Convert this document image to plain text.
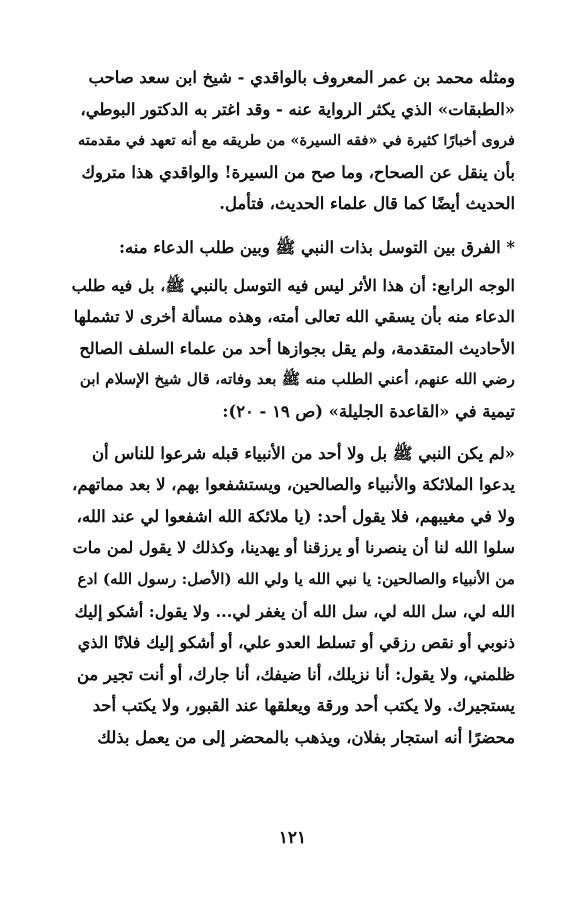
ومثله محمد بن عمر المعروف بالواقدي - شيخ ابن سعد صاحب
«الطبقات» الذي يكثر الرواية عنه - وقد اغتر به الدكتور البوطي،
فروى أخبارًا كثيرة في «فقه السيرة» من طريقه مع أنه تعهد في مقدمته
بأن ينقل عن الصحاح، وما صح من السيرة! والواقدي هذا متروك
الحديث أيضًا كما قال علماء الحديث، فتأمل.
* الفرق بين التوسل بذات النبي ﷺ وبين طلب الدعاء منه:
الوجه الرابع: أن هذا الأثر ليس فيه التوسل بالنبي ﷺ، بل فيه طلب
الدعاء منه بأن يسقي الله تعالى أمته، وهذه مسألة أخرى لا تشملها
الأحاديث المتقدمة، ولم يقل بجوازها أحد من علماء السلف الصالح
رضي الله عنهم، أعني الطلب منه ﷺ بعد وفاته، قال شيخ الإسلام ابن
تيمية في «القاعدة الجليلة» (ص ١٩ - ٢٠):
«لم يكن النبي ﷺ بل ولا أحد من الأنبياء قبله شرعوا للناس أن
يدعوا الملائكة والأنبياء والصالحين، ويستشفعوا بهم، لا بعد مماتهم،
ولا في مغيبهم، فلا يقول أحد: (يا ملائكة الله اشفعوا لي عند الله،
سلوا الله لنا أن ينصرنا أو يرزقنا أو يهدينا، وكذلك لا يقول لمن مات
من الأنبياء والصالحين: يا نبي الله يا ولي الله (الأصل: رسول الله) ادع
الله لي، سل الله لي، سل الله أن يغفر لي... ولا يقول: أشكو إليك
ذنوبي أو نقص رزقي أو تسلط العدو علي، أو أشكو إليك فلانًا الذي
ظلمني، ولا يقول: أنا نزيلك، أنا ضيفك، أنا جارك، أو أنت تجير من
يستجيرك. ولا يكتب أحد ورقة ويعلقها عند القبور، ولا يكتب أحد
محضرًا أنه استجار بفلان، ويذهب بالمحضر إلى من يعمل بذلك
١٢١
